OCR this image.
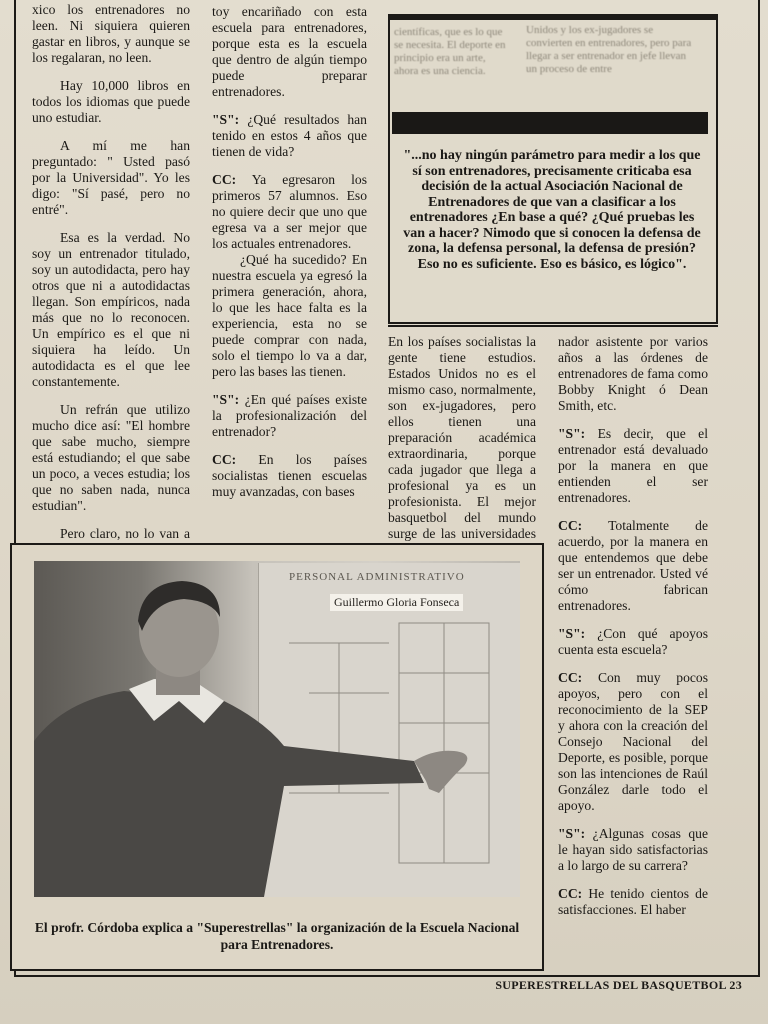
xico los entrenadores no leen. Ni siquiera quieren gastar en libros, y aunque se los regalaran, no leen.

Hay 10,000 libros en todos los idiomas que puede uno estudiar.

A mí me han preguntado: " Usted pasó por la Universidad". Yo les digo: "Sí pasé, pero no entré".

Esa es la verdad. No soy un entrenador titulado, soy un autodidacta, pero hay otros que ni a autodidactas llegan. Son empíricos, nada más que no lo reconocen. Un empírico es el que ni siquiera ha leído. Un autodidacta es el que lee constantemente.

Un refrán que utilizo mucho dice así: "El hombre que sabe mucho, siempre está estudiando; el que sabe un poco, a veces estudia; los que no saben nada, nunca estudian".

Pero claro, no lo van a

toy encariñado con esta escuela para entrenadores, porque esta es la escuela que dentro de algún tiempo puede preparar entrenadores.

"S": ¿Qué resultados han tenido en estos 4 años que tienen de vida?

CC: Ya egresaron los primeros 57 alumnos. Eso no quiere decir que uno que egresa va a ser mejor que los actuales entrenadores.

¿Qué ha sucedido? En nuestra escuela ya egresó la primera generación, ahora, lo que les hace falta es la experiencia, esta no se puede comprar con nada, solo el tiempo lo va a dar, pero las bases las tienen.

"S": ¿En qué países existe la profesionalización del entrenador?

CC: En los países socialistas tienen escuelas muy avanzadas, con bases

científicas, que es lo que se necesita. El deporte en principio era un arte, ahora es una ciencia.
Unidos y los ex-jugadores se convierten en entrenadores, pero para llegar a ser entrenador en jefe llevan un proceso de entre
"...no hay ningún parámetro para medir a los que sí son entrenadores, precisamente criticaba esa decisión de la actual Asociación Nacional de Entrenadores de que van a clasificar a los entrenadores ¿En base a qué? ¿Qué pruebas les van a hacer? Nimodo que si conocen la defensa de zona, la defensa personal, la defensa de presión? Eso no es suficiente. Eso es básico, es lógico".

En los países socialistas la gente tiene estudios. Estados Unidos no es el mismo caso, normalmente, son ex-jugadores, pero ellos tienen una preparación académica extraordinaria, porque cada jugador que llega a profesional ya es un profesionista. El mejor basquetbol del mundo surge de las universidades

nador asistente por varios años a las órdenes de entrenadores de fama como Bobby Knight ó Dean Smith, etc.

"S": Es decir, que el entrenador está devaluado por la manera en que entienden el ser entrenadores.

CC: Totalmente de acuerdo, por la manera en que entendemos que debe ser un entrenador. Usted vé cómo fabrican entrenadores.

"S": ¿Con qué apoyos cuenta esta escuela?

CC: Con muy pocos apoyos, pero con el reconocimiento de la SEP y ahora con la creación del Consejo Nacional del Deporte, es posible, porque son las intenciones de Raúl González darle todo el apoyo.

"S": ¿Algunas cosas que le hayan sido satisfactorias a lo largo de su carrera?

CC: He tenido cientos de satisfacciones. El haber

PERSONAL ADMINISTRATIVO
Guillermo Gloria Fonseca
El profr. Córdoba explica a "Superestrellas" la organización de la Escuela Nacional para Entrenadores.
SUPERESTRELLAS DEL BASQUETBOL 23
